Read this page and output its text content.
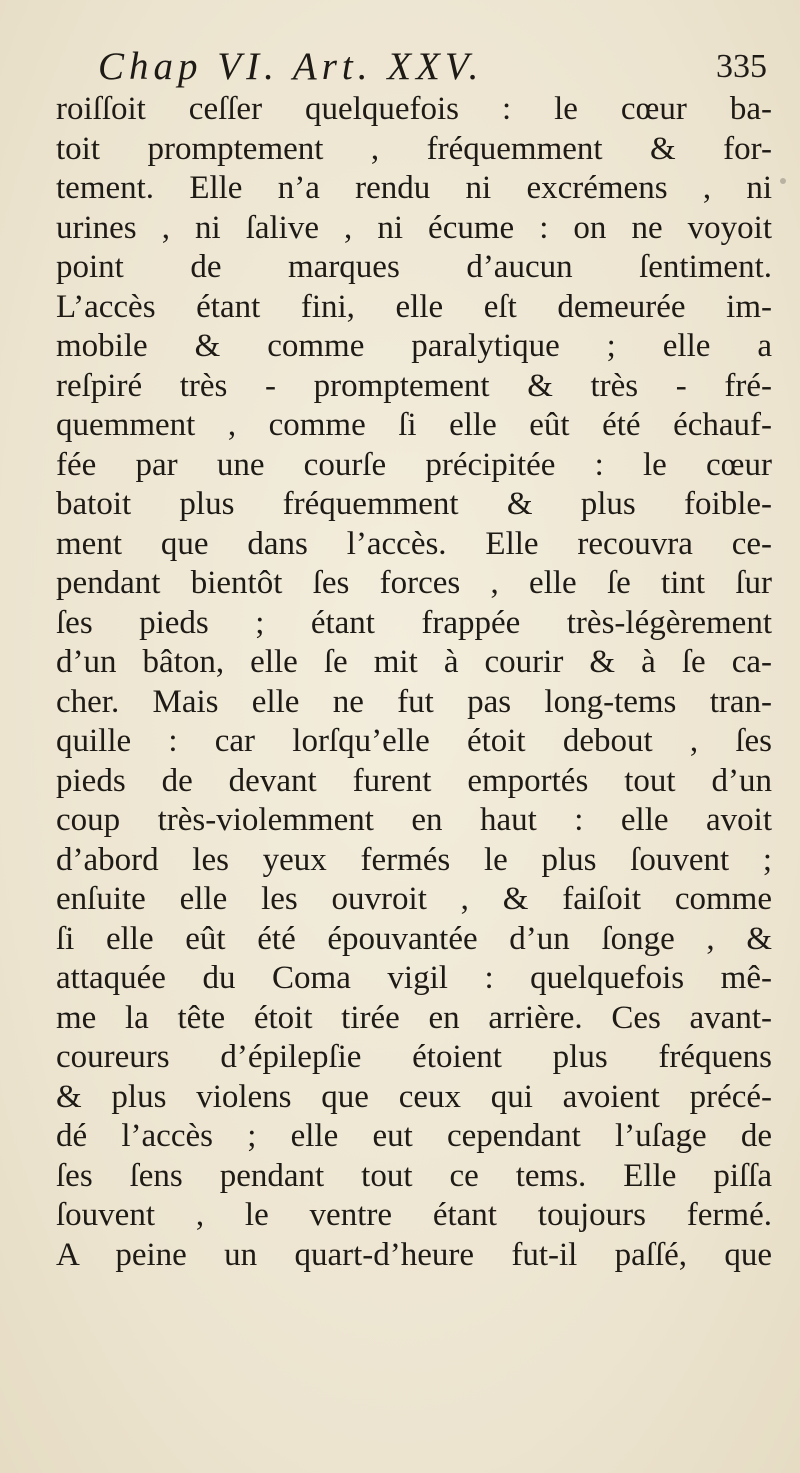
Chap VI. Art. XXV.	335
roiſſoit ceſſer quelquefois : le cœur ba-
toit promptement , fréquemment & for-
tement. Elle n’a rendu ni excrémens , ni
urines , ni ſalive , ni écume : on ne voyoit
point de marques d’aucun ſentiment.
L’accès étant fini, elle eſt demeurée im-
mobile & comme paralytique ; elle a
reſpiré très - promptement & très - fré-
quemment , comme ſi elle eût été échauf-
fée par une courſe précipitée : le cœur
batoit plus fréquemment & plus foible-
ment que dans l’accès. Elle recouvra ce-
pendant bientôt ſes forces , elle ſe tint ſur
ſes pieds ; étant frappée très-légèrement
d’un bâton, elle ſe mit à courir & à ſe ca-
cher. Mais elle ne fut pas long-tems tran-
quille : car lorſqu’elle étoit debout , ſes
pieds de devant furent emportés tout d’un
coup très-violemment en haut : elle avoit
d’abord les yeux fermés le plus ſouvent ;
enſuite elle les ouvroit , & faiſoit comme
ſi elle eût été épouvantée d’un ſonge , &
attaquée du Coma vigil : quelquefois mê-
me la tête étoit tirée en arrière. Ces avant-
coureurs d’épilepſie étoient plus fréquens
& plus violens que ceux qui avoient précé-
dé l’accès ; elle eut cependant l’uſage de
ſes ſens pendant tout ce tems. Elle piſſa
ſouvent , le ventre étant toujours fermé.
A peine un quart-d’heure fut-il paſſé, que
